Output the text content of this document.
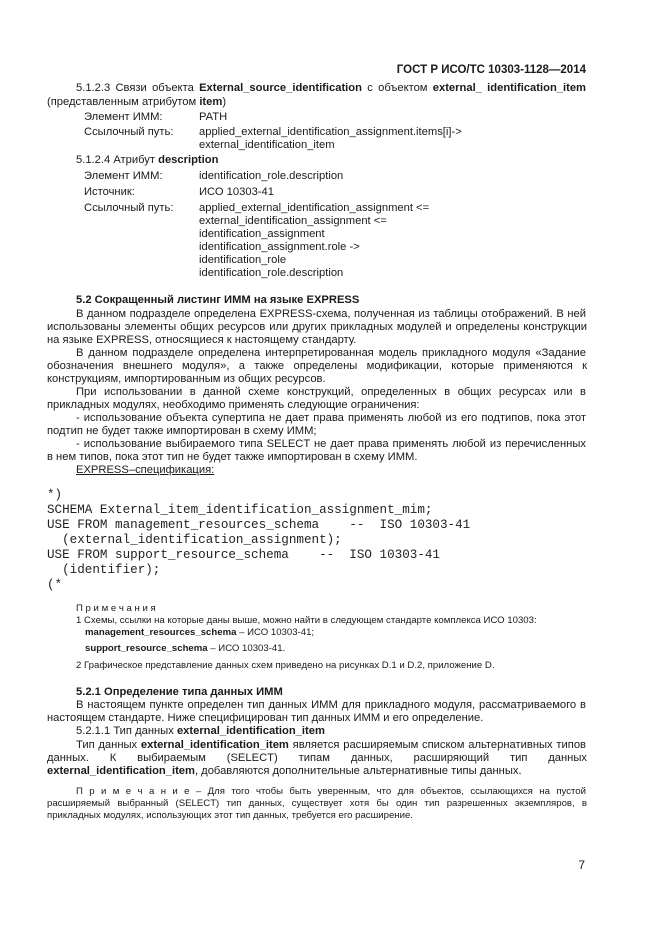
ГОСТ Р ИСО/ТС 10303-1128—2014
5.1.2.3 Связи объекта External_source_identification с объектом external_ identification_item
(представленным атрибутом item)
Элемент ИММ:	PATH
Ссылочный путь: applied_external_identification_assignment.items[i]->
external_identification_item
5.1.2.4 Атрибут description
Элемент ИММ:	identification_role.description
Источник:	ИСО 10303-41
Ссылочный путь: applied_external_identification_assignment <=
external_identification_assignment <=
identification_assignment
identification_assignment.role ->
identification_role
identification_role.description
5.2 Сокращенный листинг ИММ на языке EXPRESS
В данном подразделе определена EXPRESS-схема, полученная из таблицы отображений. В ней
использованы элементы общих ресурсов или других прикладных модулей и определены конструкции
на языке EXPRESS, относящиеся к настоящему стандарту.
В данном подразделе определена интерпретированная модель прикладного модуля «Задание
обозначения внешнего модуля», а также определены модификации, которые применяются к
конструкциям, импортированным из общих ресурсов.
При использовании в данной схеме конструкций, определенных в общих ресурсах или в
прикладных модулях, необходимо применять следующие ограничения:
- использование объекта супертипа не дает права применять любой из его подтипов, пока этот
подтип не будет также импортирован в схему ИММ;
- использование выбираемого типа SELECT не дает права применять любой из перечисленных
в нем типов, пока этот тип не будет также импортирован в схему ИММ.
EXPRESS–спецификация:
*)
SCHEMA External_item_identification_assignment_mim;
USE FROM management_resources_schema    --  ISO 10303-41
(external_identification_assignment);
USE FROM support_resource_schema    --  ISO 10303-41
(identifier);
(*
П р и м е ч а н и я
1 Схемы, ссылки на которые даны выше, можно найти в следующем стандарте комплекса ИСО 10303:
management_resources_schema – ИСО 10303-41;
support_resource_schema – ИСО 10303-41.
2 Графическое представление данных схем приведено на рисунках D.1 и D.2, приложение D.
5.2.1 Определение типа данных ИММ
В настоящем пункте определен тип данных ИММ для прикладного модуля, рассматриваемого в
настоящем стандарте. Ниже специфицирован тип данных ИММ и его определение.
5.2.1.1 Тип данных external_identification_item
Тип данных external_identification_item является расширяемым списком альтернативных типов
данных. К выбираемым (SELECT) типам данных, расширяющий тип данных
external_identification_item, добавляются дополнительные альтернативные типы данных.
П р и м е ч а н и е – Для того чтобы быть уверенным, что для объектов, ссылающихся на пустой
расширяемый выбранный (SELECT) тип данных, существует хотя бы один тип разрешенных экземпляров, в
прикладных модулях, использующих этот тип данных, требуется его расширение.
7
